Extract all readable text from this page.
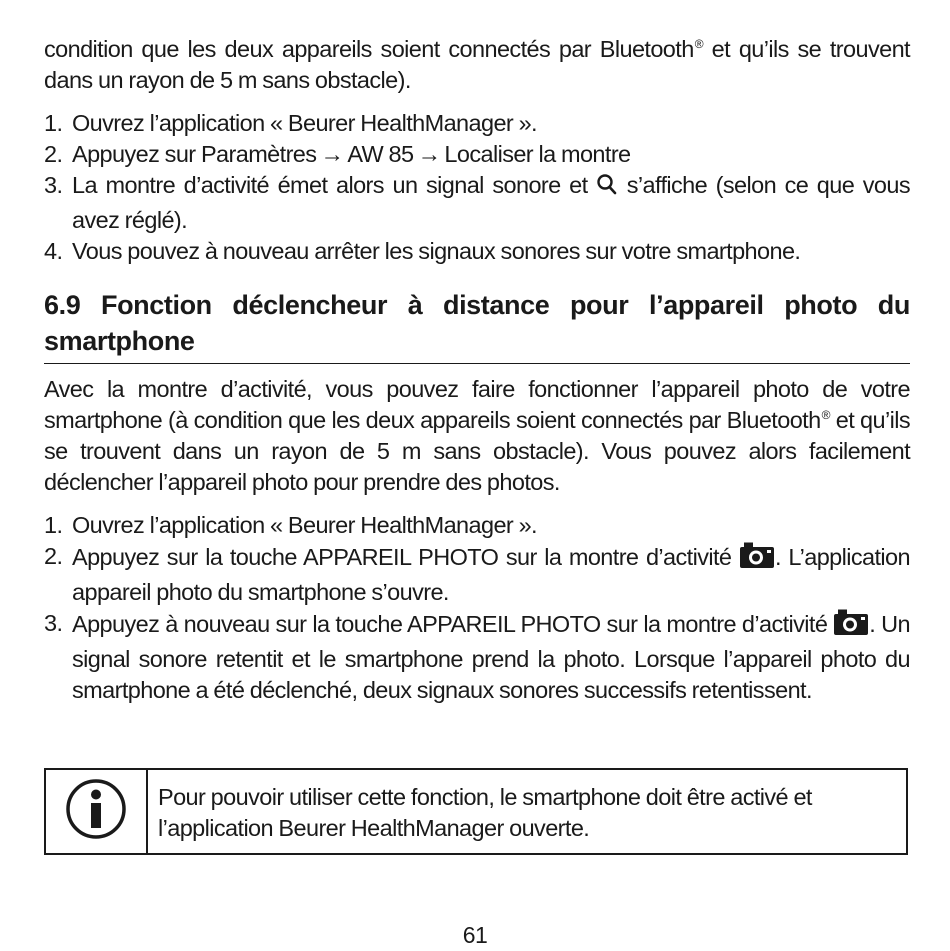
condition que les deux appareils soient connectés par Bluetooth® et qu’ils se trouvent dans un rayon de 5 m sans obstacle).

1. Ouvrez l’application « Beurer HealthManager ».
2. Appuyez sur Paramètres → AW 85 → Localiser la montre
3. La montre d’activité émet alors un signal sonore et  s’affiche (selon ce que vous avez réglé).
4. Vous pouvez à nouveau arrêter les signaux sonores sur votre smartphone.
6.9 Fonction déclencheur à distance pour l’appareil photo du smartphone

Avec la montre d’activité, vous pouvez faire fonctionner l’appareil photo de votre smartphone (à condition que les deux appareils soient connectés par Bluetooth® et qu’ils se trouvent dans un rayon de 5 m sans obstacle). Vous pouvez alors facilement déclencher l’appareil photo pour prendre des photos.

1. Ouvrez l’application « Beurer HealthManager ».
2. Appuyez sur la touche APPAREIL PHOTO sur la montre d’activité . L’application appareil photo du smartphone s’ouvre.
3. Appuyez à nouveau sur la touche APPAREIL PHOTO sur la montre d’activité . Un signal sonore retentit et le smartphone prend la photo. Lorsque l’appareil photo du smartphone a été déclenché, deux signaux sonores successifs retentissent.
Pour pouvoir utiliser cette fonction, le smartphone doit être activé et l’application Beurer HealthManager ouverte.
61
